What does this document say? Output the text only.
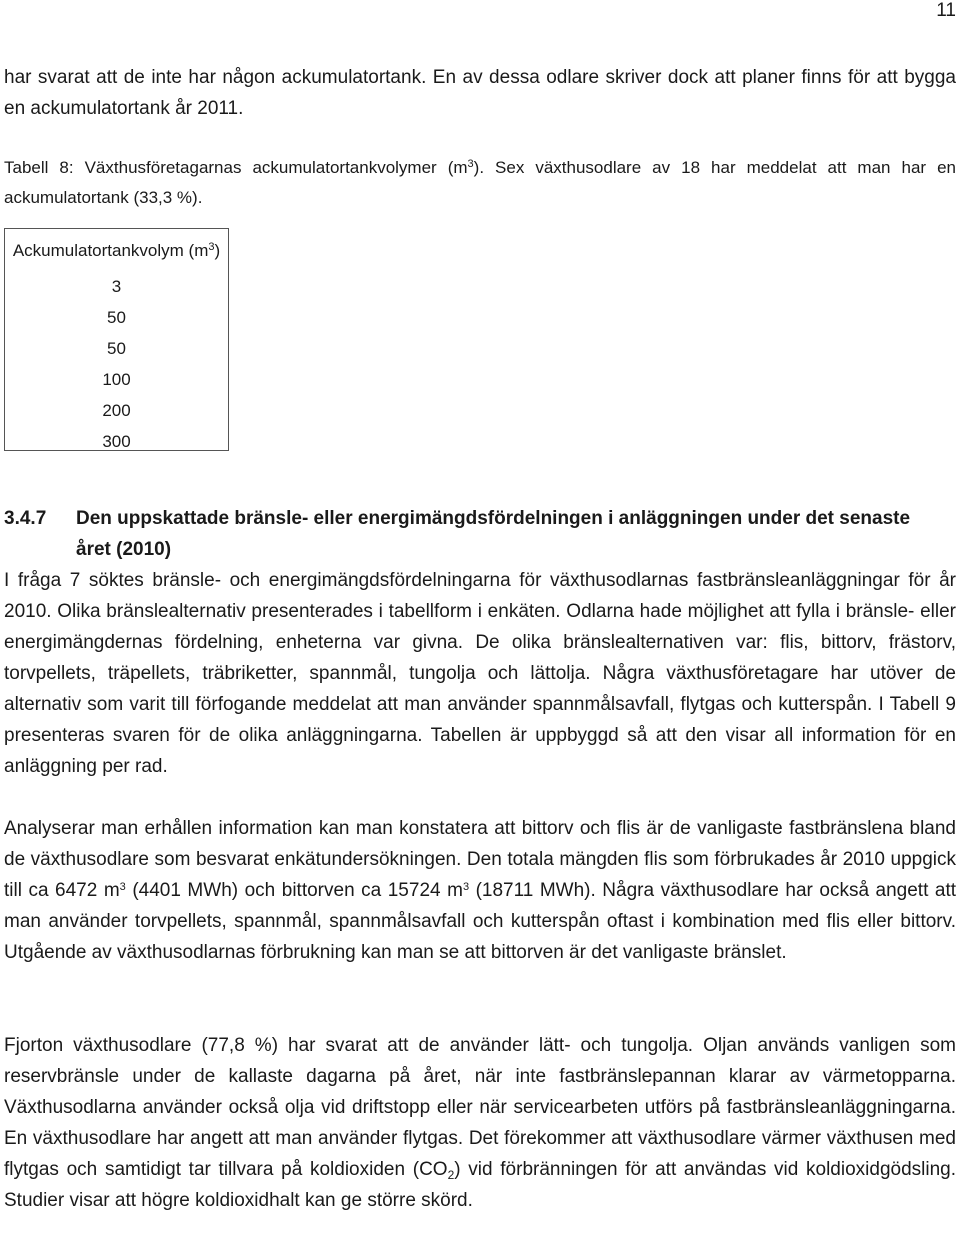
11
har svarat att de inte har någon ackumulatortank. En av dessa odlare skriver dock att planer finns för att bygga en ackumulatortank år 2011.
Tabell 8: Växthusföretagarnas ackumulatortankvolymer $(m^3)$. Sex växthusodlare av 18 har meddelat att man har en ackumulatortank (33,3 %).
Ackumulatortankvolym $(m^3)$
3
50
50
100
200
300
3.4.7 Den uppskattade bränsle- eller energimängdsfördelningen i anläggningen under det senaste
året (2010)
I fråga 7 söktes bränsle- och energimängdsfördelningarna för växthusodlarnas fastbränsleanläggningar för år 2010. Olika bränslealternativ presenterades i tabellform i enkäten. Odlarna hade möjlighet att fylla i bränsle- eller energimängdernas fördelning, enheterna var givna. De olika bränslealternativen var: flis, bittorv, frästorv, torvpellets, träpellets, träbriketter, spannmål, tungolja och lättolja. Några växthusföretagare har utöver de alternativ som varit till förfogande meddelat att man använder spannmålsavfall, flytgas och kutterspån. I Tabell 9 presenteras svaren för de olika anläggningarna. Tabellen är uppbyggd så att den visar all information för en anläggning per rad.
Analyserar man erhållen information kan man konstatera att bittorv och flis är de vanligaste fastbränslena bland de växthusodlare som besvarat enkätundersökningen. Den totala mängden flis som förbrukades år 2010 uppgick till ca 6472 $m^3$ (4401 MWh) och bittorven ca 15724 $m^3$ (18711 MWh). Några växthusodlare har också angett att man använder torvpellets, spannmål, spannmålsavfall och kutterspån oftast i kombination med flis eller bittorv. Utgående av växthusodlarnas förbrukning kan man se att bittorven är det vanligaste bränslet.
Fjorton växthusodlare (77,8 %) har svarat att de använder lätt- och tungolja. Oljan används vanligen som reservbränsle under de kallaste dagarna på året, när inte fastbränslepannan klarar av värmetopparna. Växthusodlarna använder också olja vid driftstopp eller när servicearbeten utförs på fastbränsleanläggningarna. En växthusodlare har angett att man använder flytgas. Det förekommer att växthusodlare värmer växthusen med flytgas och samtidigt tar tillvara på koldioxiden $(CO_2)$ vid förbränningen för att användas vid koldioxidgödsling. Studier visar att högre koldioxidhalt kan ge större skörd.
